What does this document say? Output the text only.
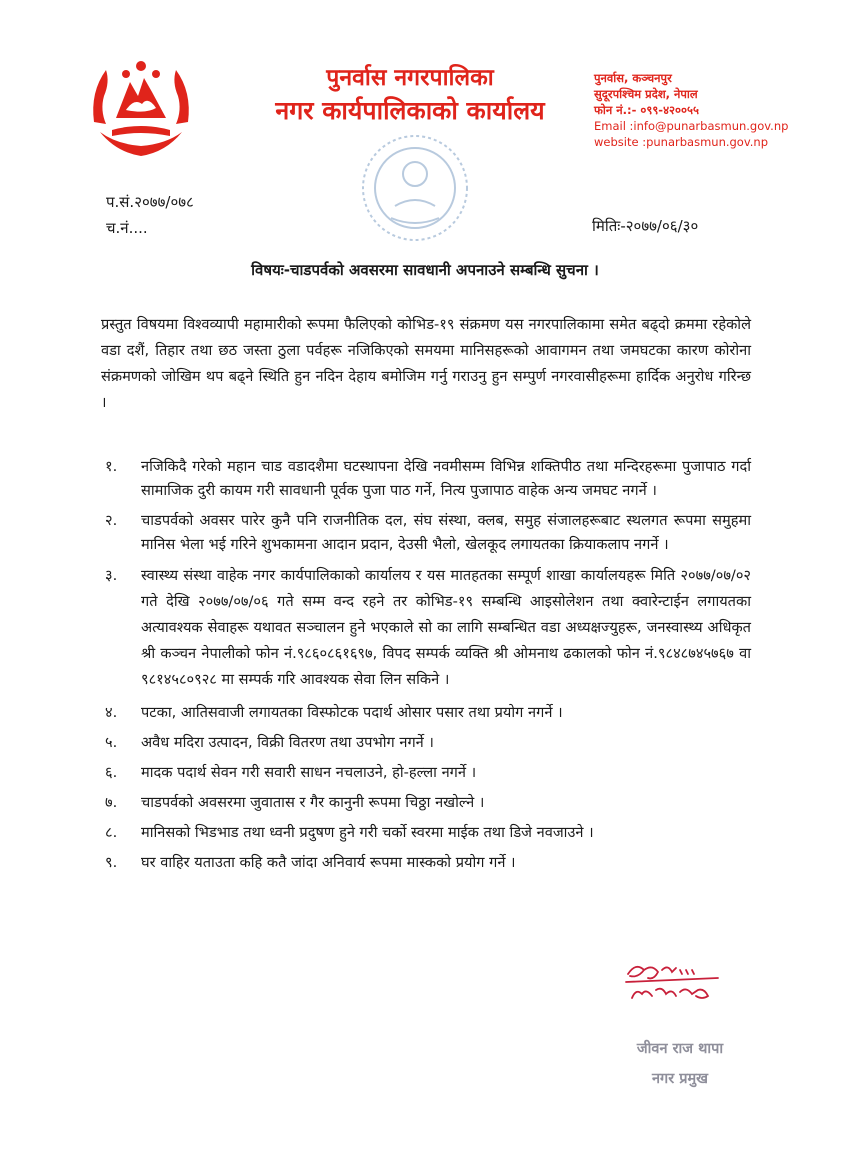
पुनर्वास नगरपालिका
नगर कार्यपालिकाको कार्यालय
पुनर्वास, कञ्चनपुर
सुदूरपश्चिम प्रदेश, नेपाल
फोन नं.:- ०९९-४२००५५
Email :info@punarbasmun.gov.np
website :punarbasmun.gov.np
प.सं.२०७७/०७८
च.नं....	मितिः-२०७७/०६/३०
विषयः-चाडपर्वको अवसरमा सावधानी अपनाउने सम्बन्धि सुचना ।
प्रस्तुत विषयमा विश्वव्यापी महामारीको रूपमा फैलिएको कोभिड-१९ संक्रमण यस नगरपालिकामा समेत बढ्दो क्रममा रहेकोले वडा दशैं, तिहार तथा छठ जस्ता ठुला पर्वहरू नजिकिएको समयमा मानिसहरूको आवागमन तथा जमघटका कारण कोरोना संक्रमणको जोखिम थप बढ्ने स्थिति हुन नदिन देहाय बमोजिम गर्नु गराउनु हुन सम्पुर्ण नगरवासीहरूमा हार्दिक अनुरोध गरिन्छ ।
१. नजिकिदै गरेको महान चाड वडादशैमा घटस्थापना देखि नवमीसम्म विभिन्न शक्तिपीठ तथा मन्दिरहरूमा पुजापाठ गर्दा सामाजिक दुरी कायम गरी सावधानी पूर्वक पुजा पाठ गर्ने, नित्य पुजापाठ वाहेक अन्य जमघट नगर्ने ।
२. चाडपर्वको अवसर पारेर कुनै पनि राजनीतिक दल, संघ संस्था, क्लब, समुह संजालहरूबाट स्थलगत रूपमा समुहमा मानिस भेला भई गरिने शुभकामना आदान प्रदान, देउसी भैलो, खेलकूद लगायतका क्रियाकलाप नगर्ने ।
३. स्वास्थ्य संस्था वाहेक नगर कार्यपालिकाको कार्यालय र यस मातहतका सम्पूर्ण शाखा कार्यालयहरू मिति २०७७/०७/०२ गते देखि २०७७/०७/०६ गते सम्म वन्द रहने तर कोभिड-१९ सम्बन्धि आइसोलेशन तथा क्वारेन्टाईन लगायतका अत्यावश्यक सेवाहरू यथावत सञ्चालन हुने भएकाले सो का लागि सम्बन्धित वडा अध्यक्षज्युहरू, जनस्वास्थ्य अधिकृत श्री कञ्चन नेपालीको फोन नं.९८६०८६१६९७, विपद सम्पर्क व्यक्ति श्री ओमनाथ ढकालको फोन नं.९८४८७४५७६७ वा ९८१४५८०९२८ मा सम्पर्क गरि आवश्यक सेवा लिन सकिने ।
४. पटका, आतिसवाजी लगायतका विस्फोटक पदार्थ ओसार पसार तथा प्रयोग नगर्ने ।
५. अवैध मदिरा उत्पादन, विक्री वितरण तथा उपभोग नगर्ने ।
६. मादक पदार्थ सेवन गरी सवारी साधन नचलाउने, हो-हल्ला नगर्ने ।
७. चाडपर्वको अवसरमा जुवातास र गैर कानुनी रूपमा चिठ्ठा नखोल्ने ।
८. मानिसको भिडभाड तथा ध्वनी प्रदुषण हुने गरी चर्को स्वरमा माईक तथा डिजे नवजाउने ।
९. घर वाहिर यताउता कहि कतै जांदा अनिवार्य रूपमा मास्कको प्रयोग गर्ने ।
जीवन राज थापा
नगर प्रमुख
